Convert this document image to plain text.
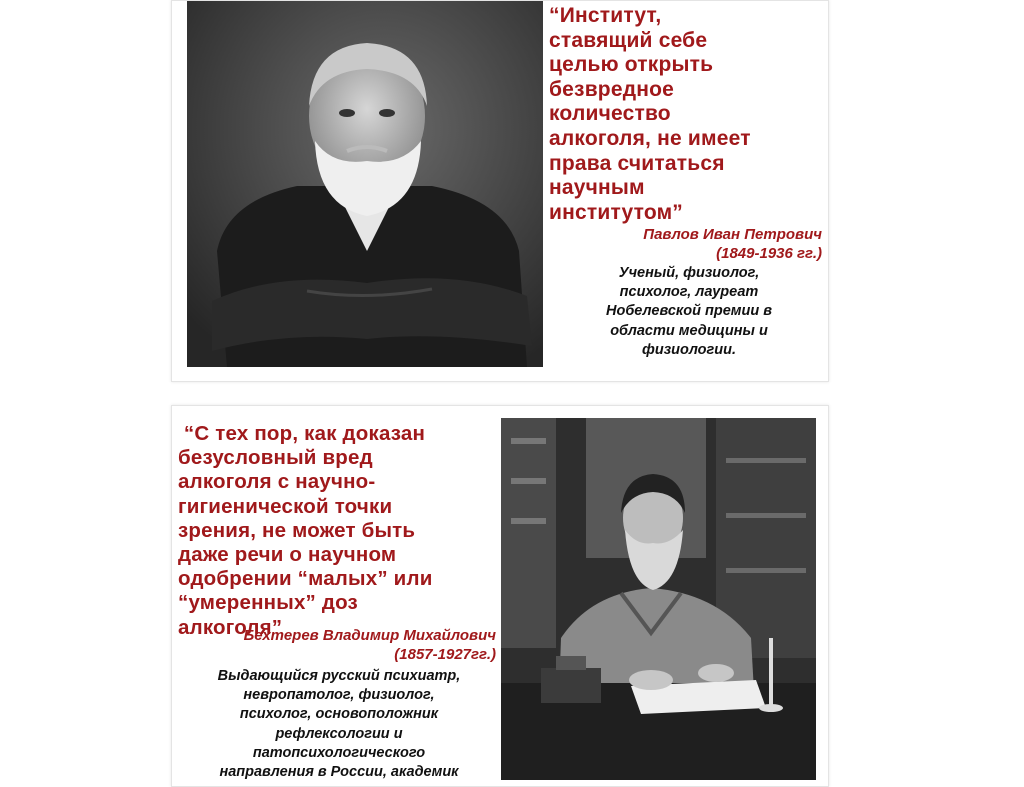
“Институт,
ставящий себе
целью открыть
безвредное
количество
алкоголя, не имеет
права считаться
научным
институтом”

Павлов Иван Петрович
(1849-1936 гг.)

Ученый, физиолог,
психолог, лауреат
Нобелевской премии в
области медицины и
физиологии.

“С тех пор, как доказан
безусловный вред
алкоголя с научно-
гигиенической точки
зрения, не может быть
даже речи о научном
одобрении “малых” или
“умеренных” доз
алкоголя”

Бехтерев Владимир Михайлович
(1857-1927гг.)

Выдающийся русский психиатр,
невропатолог, физиолог,
психолог, основоположник
рефлексологии и
патопсихологического
направления в России, академик
